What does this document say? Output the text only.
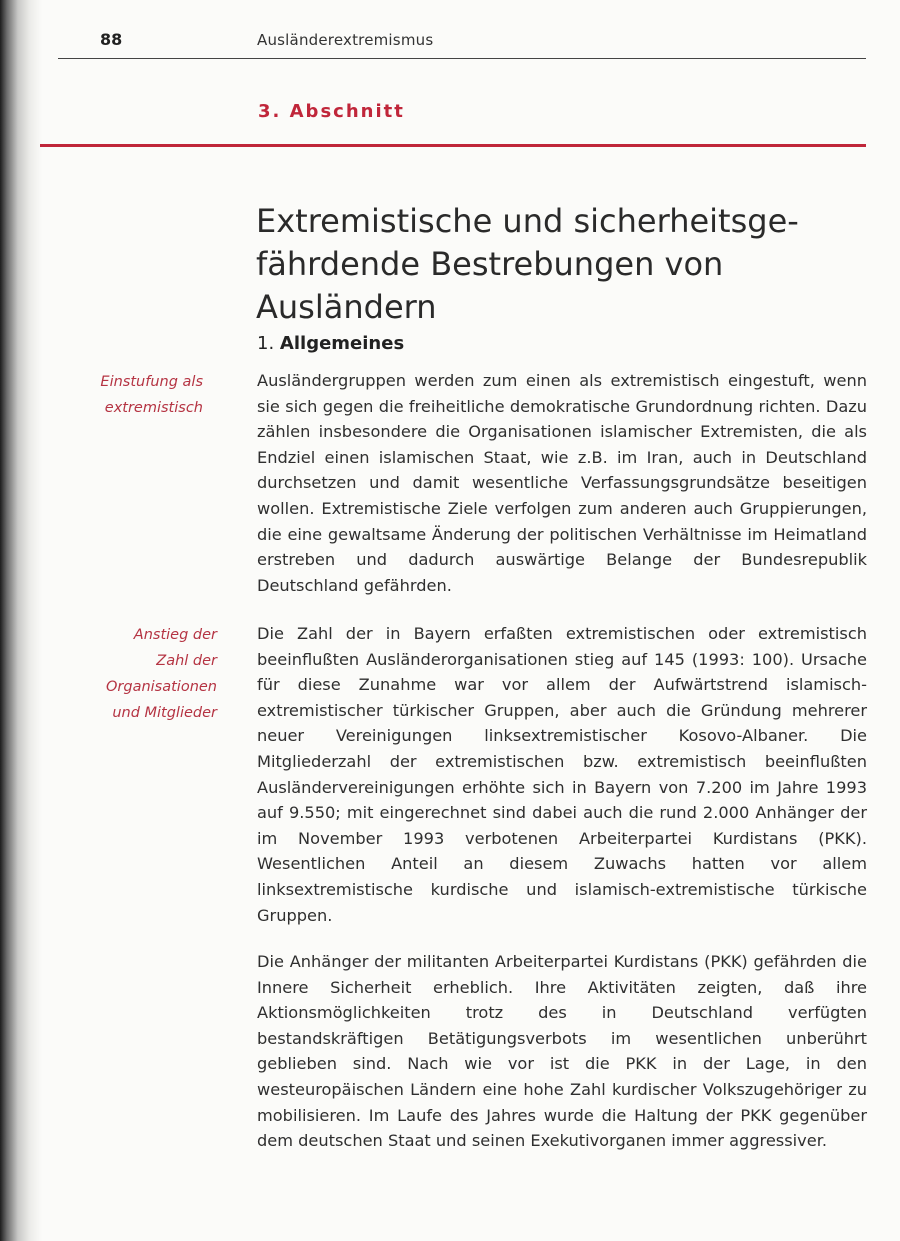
88	Ausländerextremismus
3. Abschnitt
Extremistische und sicherheitsge-
fährdende Bestrebungen von Ausländern
1. Allgemeines
Einstufung als
extremistisch
Anstieg der
Zahl der
Organisationen
und Mitglieder

Ausländergruppen werden zum einen als extremistisch eingestuft, wenn sie sich gegen die freiheitliche demokratische Grundordnung richten. Dazu zählen insbesondere die Organisationen islamischer Extremisten, die als Endziel einen islamischen Staat, wie z.B. im Iran, auch in Deutschland durchsetzen und damit wesentliche Verfassungsgrundsätze beseitigen wollen. Extremistische Ziele verfolgen zum anderen auch Gruppierungen, die eine gewaltsame Änderung der politischen Verhältnisse im Heimatland erstreben und dadurch auswärtige Belange der Bundesrepublik Deutschland gefährden.

Die Zahl der in Bayern erfaßten extremistischen oder extremistisch beeinflußten Ausländerorganisationen stieg auf 145 (1993: 100). Ursache für diese Zunahme war vor allem der Aufwärtstrend islamisch-extremistischer türkischer Gruppen, aber auch die Gründung mehrerer neuer Vereinigungen linksextremistischer Kosovo-Albaner. Die Mitgliederzahl der extremistischen bzw. extremistisch beeinflußten Ausländervereinigungen erhöhte sich in Bayern von 7.200 im Jahre 1993 auf 9.550; mit eingerechnet sind dabei auch die rund 2.000 Anhänger der im November 1993 verbotenen Arbeiterpartei Kurdistans (PKK). Wesentlichen Anteil an diesem Zuwachs hatten vor allem linksextremistische kurdische und islamisch-extremistische türkische Gruppen.

Die Anhänger der militanten Arbeiterpartei Kurdistans (PKK) gefährden die Innere Sicherheit erheblich. Ihre Aktivitäten zeigten, daß ihre Aktionsmöglichkeiten trotz des in Deutschland verfügten bestandskräftigen Betätigungsverbots im wesentlichen unberührt geblieben sind. Nach wie vor ist die PKK in der Lage, in den westeuropäischen Ländern eine hohe Zahl kurdischer Volkszugehöriger zu mobilisieren. Im Laufe des Jahres wurde die Haltung der PKK gegenüber dem deutschen Staat und seinen Exekutivorganen immer aggressiver.
